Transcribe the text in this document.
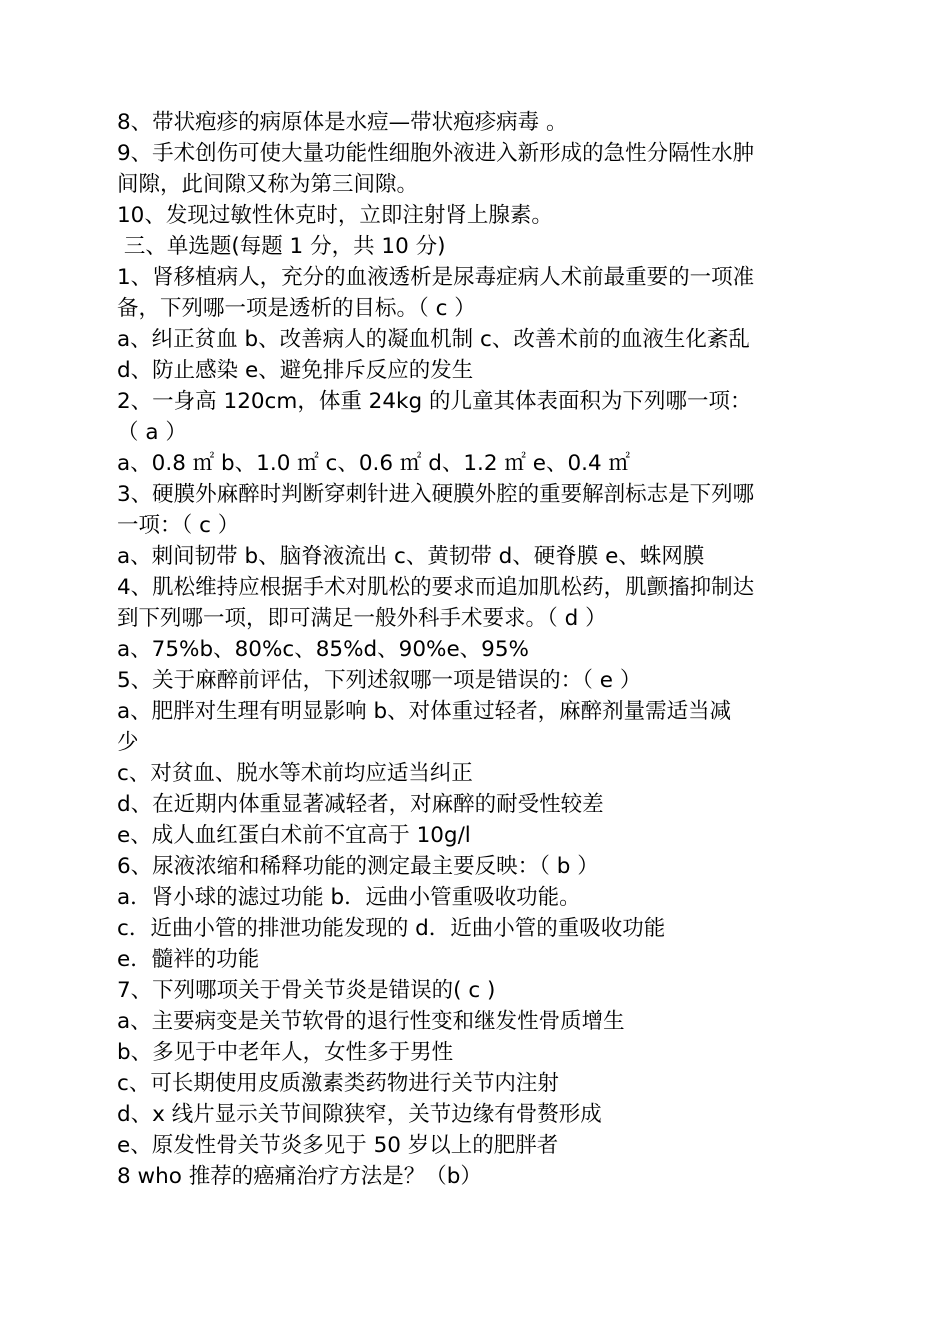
8、带状疱疹的病原体是水痘—带状疱疹病毒 。
9、手术创伤可使大量功能性细胞外液进入新形成的急性分隔性水肿
间隙，此间隙又称为第三间隙。
10、发现过敏性休克时，立即注射肾上腺素。
三、单选题(每题 1 分，共 10 分)
1、肾移植病人，充分的血液透析是尿毒症病人术前最重要的一项准
备，下列哪一项是透析的目标。（ c ）
a、纠正贫血 b、改善病人的凝血机制 c、改善术前的血液生化紊乱
d、防止感染 e、避免排斥反应的发生
2、一身高 120cm，体重 24kg 的儿童其体表面积为下列哪一项：
（ a ）
a、0.8 ㎡ b、1.0 ㎡ c、0.6 ㎡ d、1.2 ㎡ e、0.4 ㎡
3、硬膜外麻醉时判断穿刺针进入硬膜外腔的重要解剖标志是下列哪
一项：（ c ）
a、刺间韧带 b、脑脊液流出 c、黄韧带 d、硬脊膜 e、蛛网膜
4、肌松维持应根据手术对肌松的要求而追加肌松药，肌颤搐抑制达
到下列哪一项，即可满足一般外科手术要求。（ d ）
a、75%b、80%c、85%d、90%e、95%
5、关于麻醉前评估，下列述叙哪一项是错误的：（ e ）
a、肥胖对生理有明显影响 b、对体重过轻者，麻醉剂量需适当减
少
c、对贫血、脱水等术前均应适当纠正
d、在近期内体重显著减轻者，对麻醉的耐受性较差
e、成人血红蛋白术前不宜高于 10g/l
6、尿液浓缩和稀释功能的测定最主要反映：（ b ）
a．肾小球的滤过功能 b．远曲小管重吸收功能。
c．近曲小管的排泄功能发现的 d．近曲小管的重吸收功能
e．髓袢的功能
7、下列哪项关于骨关节炎是错误的( c )
a、主要病变是关节软骨的退行性变和继发性骨质增生
b、多见于中老年人，女性多于男性
c、可长期使用皮质激素类药物进行关节内注射
d、x 线片显示关节间隙狭窄，关节边缘有骨赘形成
e、原发性骨关节炎多见于 50 岁以上的肥胖者
8 who 推荐的癌痛治疗方法是？（b）
